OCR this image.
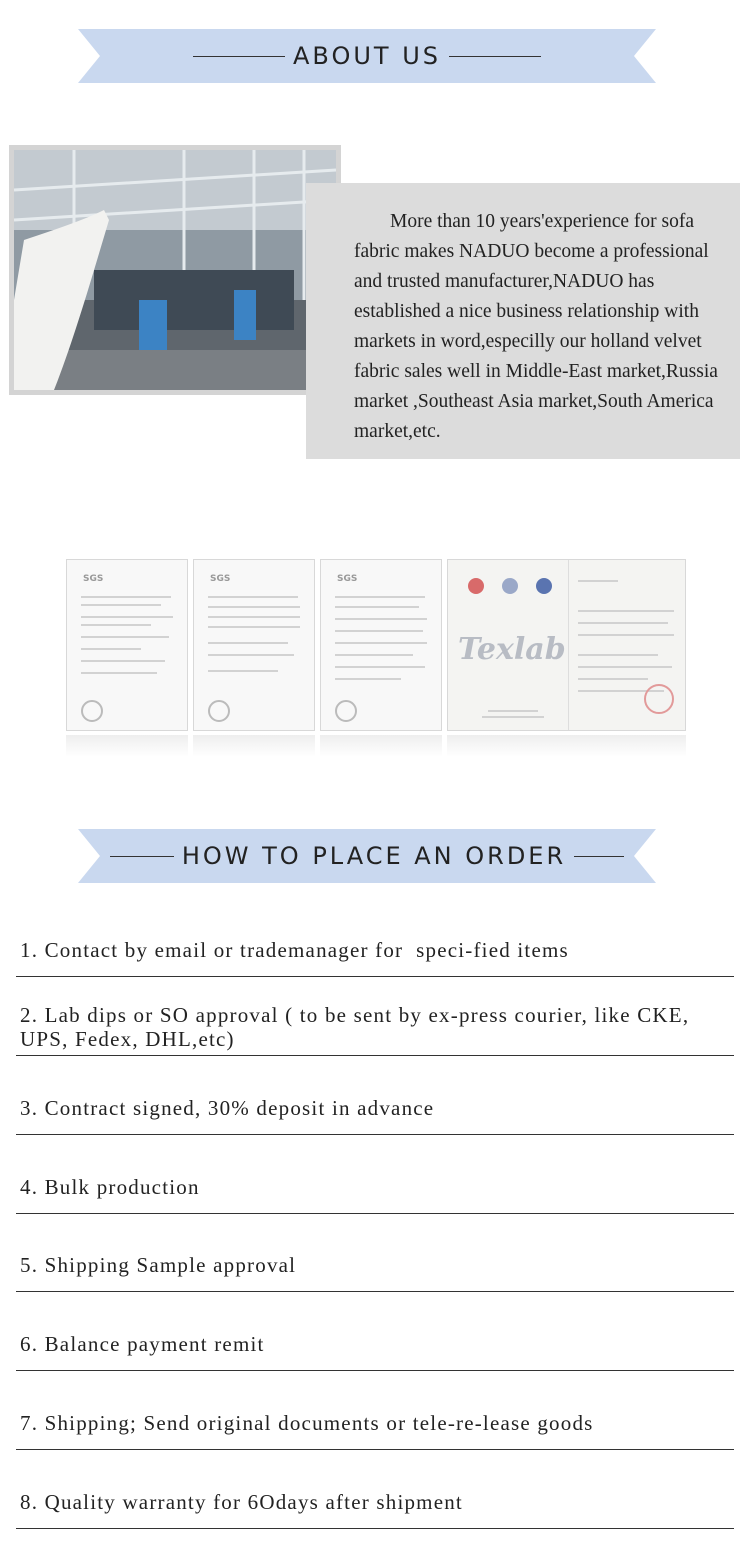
ABOUT US

More than 10 years'experience for sofa fabric makes NADUO become a professional and trusted manufacturer,NADUO has established a nice business relationship with markets in word,especilly our holland velvet fabric sales well in Middle-East market,Russia market ,Southeast Asia market,South America market,etc.

SGS	SGS	SGS
Texlab
HOW TO PLACE AN ORDER
1. Contact by email or trademanager for  speci-fied items
2. Lab dips or SO approval ( to be sent by ex-press courier, like CKE, UPS, Fedex, DHL,etc)
3. Contract signed, 30% deposit in advance
4. Bulk production
5. Shipping Sample approval
6. Balance payment remit
7. Shipping; Send original documents or tele-re-lease goods
8. Quality warranty for 6Odays after shipment
